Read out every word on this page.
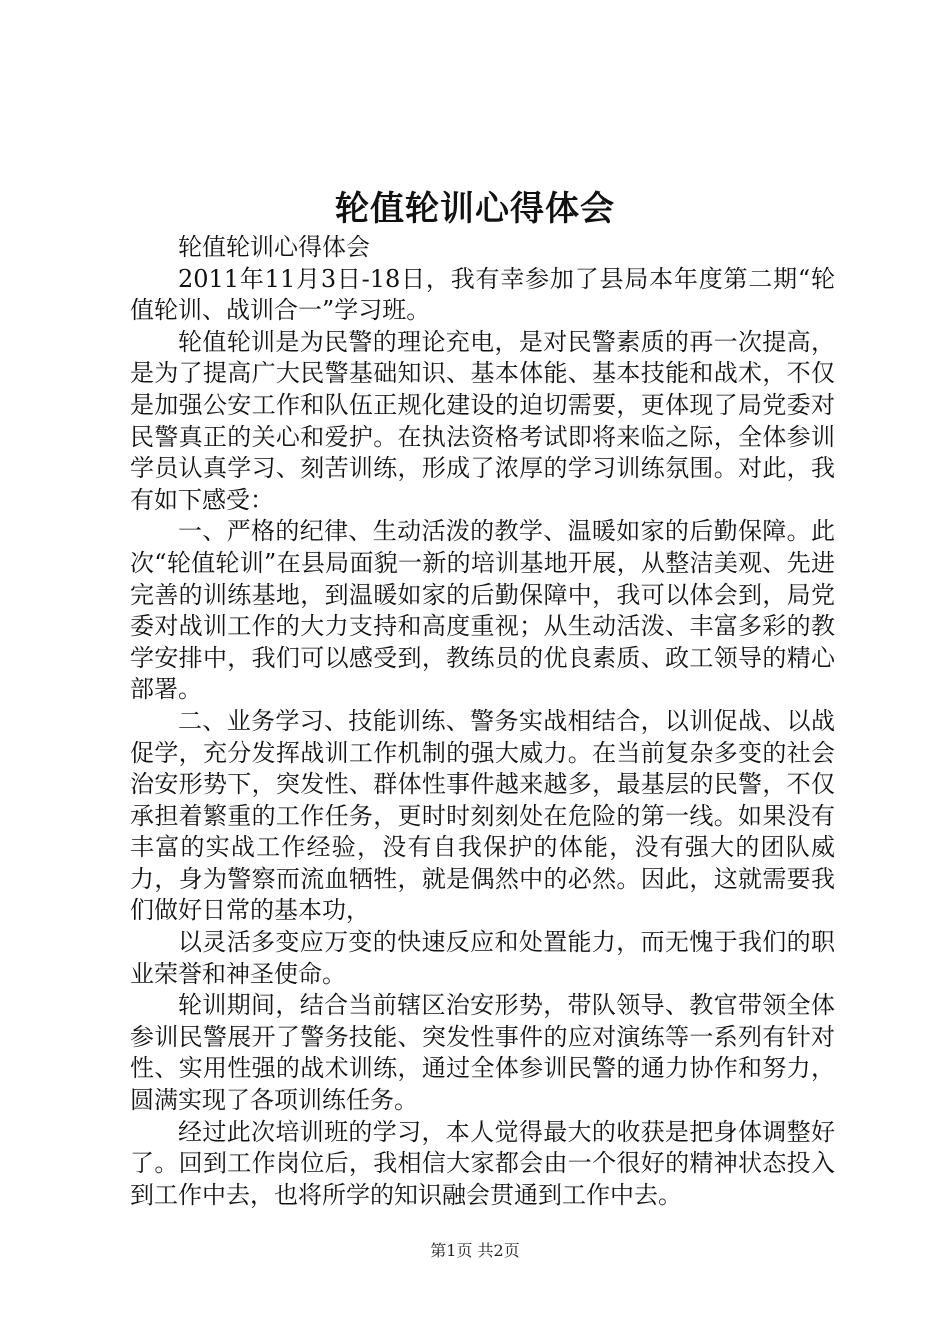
轮值轮训心得体会

轮值轮训心得体会

2011年11月3日-18日，我有幸参加了县局本年度第二期“轮值轮训、战训合一”学习班。

轮值轮训是为民警的理论充电，是对民警素质的再一次提高，是为了提高广大民警基础知识、基本体能、基本技能和战术，不仅是加强公安工作和队伍正规化建设的迫切需要，更体现了局党委对民警真正的关心和爱护。在执法资格考试即将来临之际，全体参训学员认真学习、刻苦训练，形成了浓厚的学习训练氛围。对此，我有如下感受：

一、严格的纪律、生动活泼的教学、温暖如家的后勤保障。此次“轮值轮训”在县局面貌一新的培训基地开展，从整洁美观、先进完善的训练基地，到温暖如家的后勤保障中，我可以体会到，局党委对战训工作的大力支持和高度重视；从生动活泼、丰富多彩的教学安排中，我们可以感受到，教练员的优良素质、政工领导的精心部署。

二、业务学习、技能训练、警务实战相结合，以训促战、以战促学，充分发挥战训工作机制的强大威力。在当前复杂多变的社会治安形势下，突发性、群体性事件越来越多，最基层的民警，不仅承担着繁重的工作任务，更时时刻刻处在危险的第一线。如果没有丰富的实战工作经验，没有自我保护的体能，没有强大的团队威力，身为警察而流血牺牲，就是偶然中的必然。因此，这就需要我们做好日常的基本功，

以灵活多变应万变的快速反应和处置能力，而无愧于我们的职业荣誉和神圣使命。

轮训期间，结合当前辖区治安形势，带队领导、教官带领全体参训民警展开了警务技能、突发性事件的应对演练等一系列有针对性、实用性强的战术训练，通过全体参训民警的通力协作和努力，圆满实现了各项训练任务。

经过此次培训班的学习，本人觉得最大的收获是把身体调整好了。回到工作岗位后，我相信大家都会由一个很好的精神状态投入到工作中去，也将所学的知识融会贯通到工作中去。

第1页 共2页
